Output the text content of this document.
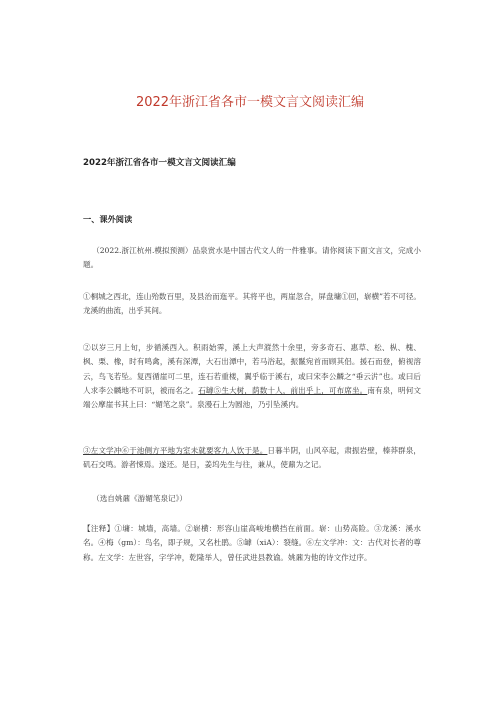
2022年浙江省各市一模文言文阅读汇编
2022年浙江省各市一模文言文阅读汇编
一、课外阅读

（2022.浙江杭州.模拟预测）品泉赏水是中国古代文人的一件雅事。请你阅读下面文言文，完成小题。

①桐城之西北，连山殆数百里，及县治而迤平。其将平也，两崖忽合，屏盘墉①回，崭横”若不可径。龙溪的曲流，出乎其间。

②以岁三月上旬，步循溪西入。积雨始霁，溪上大声漎然十余里，旁多奇石、惠草、松、枞、槐、枫、栗、橡，时有鸣禽，溪有深潭，大石出潭中，若马浴起，振鬣宛首而顾其侣。援石而登，俯视溶云，鸟飞若坠。复西循崖可二里，连石若重楼，翼乎临于溪右，或曰宋李公麟之“垂云沜”也。或曰后人求李公麟地不可识，被而名之。石罅⑤生大树，荫数十人，前出乎上，可布席坐。南有泉，明何文端公摩崖书其上曰：“媚笔之泉”。泉漫石上为圆池，乃引坠溪内。

③左文学冲⑥于池侧方平地为室未就要客九人饮于是。日暮半阴，山风卒起，肃振岩壁，榛莽群泉，矶石交鸣。游者悚焉。遂还。是日，姜坞先生与往，兼从，使鼐为之记。

（选自姚鼐《游媚笔泉记》）

【注释】①墉：城墙，高墙。②崭横：形容山崖高峻地横挡在前面。崭：山势高险。③龙溪：溪水名。④梅（gm）：鸟名，即子规，又名杜鹃。⑤罅（xiA）：裂缝。⑥左文学冲：文：古代对长者的尊称。左文学：左世容，字学冲，乾隆举人，曾任武进县教谕。姚鼐为他的诗文作过序。
